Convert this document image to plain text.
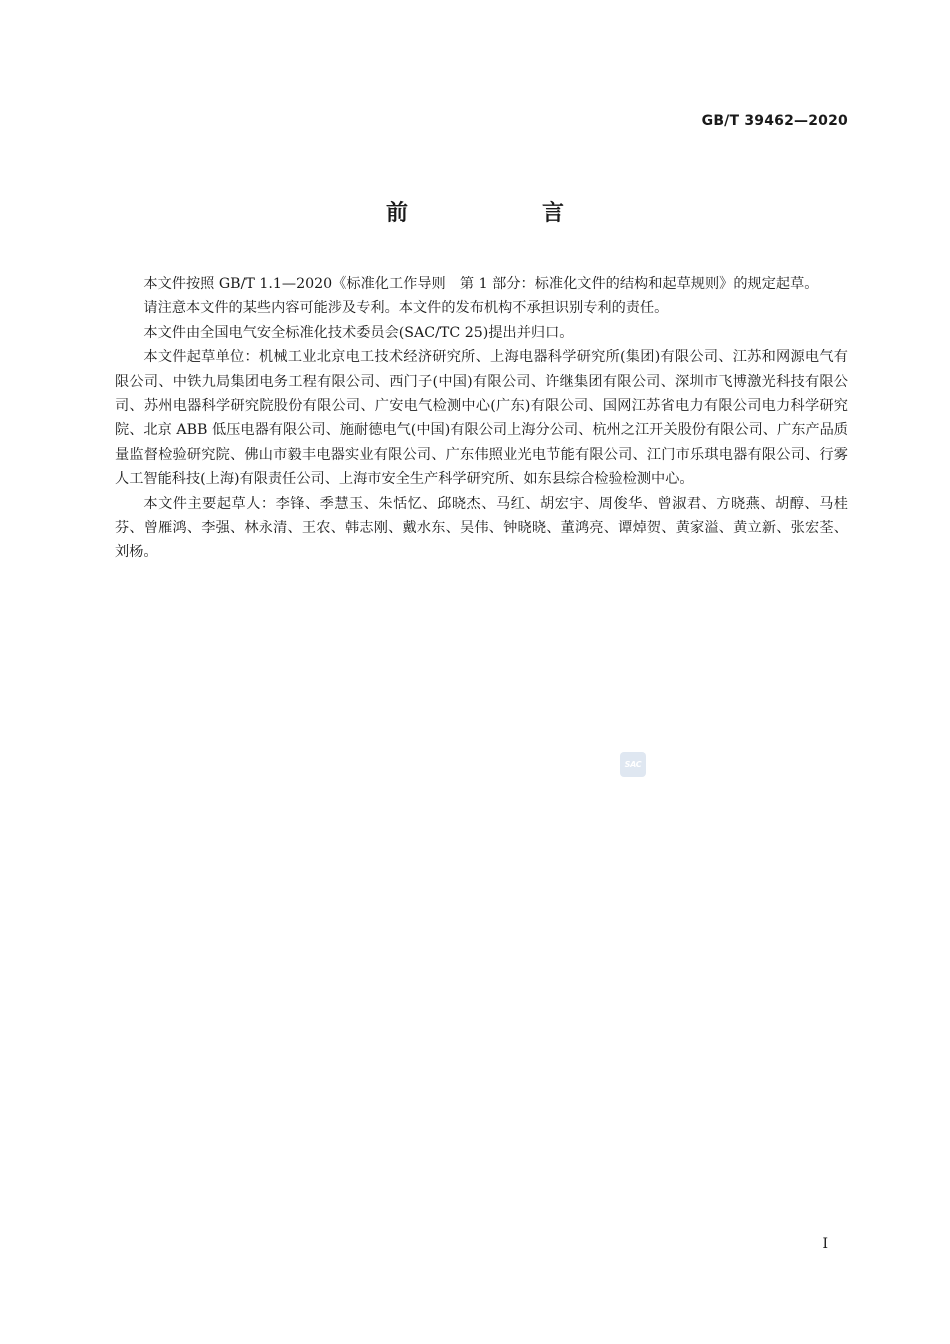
GB/T 39462—2020
前　言

本文件按照 GB/T 1.1—2020《标准化工作导则　第 1 部分：标准化文件的结构和起草规则》的规定起草。

请注意本文件的某些内容可能涉及专利。本文件的发布机构不承担识别专利的责任。

本文件由全国电气安全标准化技术委员会(SAC/TC 25)提出并归口。

本文件起草单位：机械工业北京电工技术经济研究所、上海电器科学研究所(集团)有限公司、江苏和网源电气有限公司、中铁九局集团电务工程有限公司、西门子(中国)有限公司、许继集团有限公司、深圳市飞博激光科技有限公司、苏州电器科学研究院股份有限公司、广安电气检测中心(广东)有限公司、国网江苏省电力有限公司电力科学研究院、北京 ABB 低压电器有限公司、施耐德电气(中国)有限公司上海分公司、杭州之江开关股份有限公司、广东产品质量监督检验研究院、佛山市毅丰电器实业有限公司、广东伟照业光电节能有限公司、江门市乐琪电器有限公司、行雾人工智能科技(上海)有限责任公司、上海市安全生产科学研究所、如东县综合检验检测中心。

本文件主要起草人：李锋、季慧玉、朱恬忆、邱晓杰、马红、胡宏宇、周俊华、曾淑君、方晓燕、胡醇、马桂芬、曾雁鸿、李强、林永清、王农、韩志刚、戴水东、吴伟、钟晓晓、董鸿亮、谭焯贺、黄家溢、黄立新、张宏荃、刘杨。

SAC
I
